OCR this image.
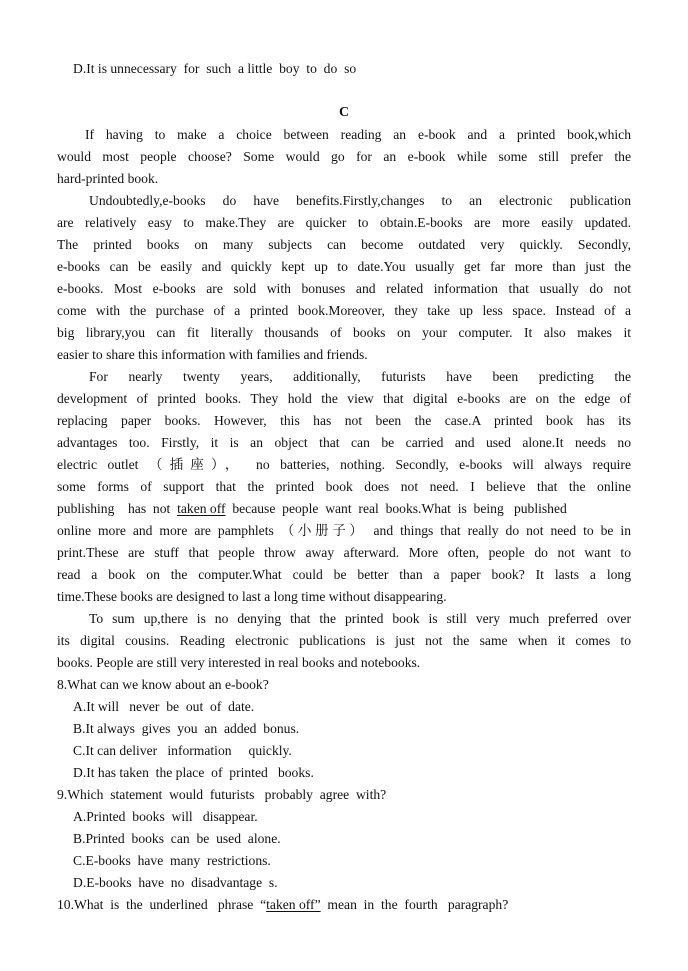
D.It is unnecessary  for  such  a little  boy  to  do  so
C
If having to make a choice between reading an e-book and a printed book,which
would most people choose? Some would go for an e-book while some still prefer the
hard-printed book.
Undoubtedly,e-books do have benefits.Firstly,changes to an electronic publication
are relatively easy to make.They are quicker to obtain.E-books are more easily updated.
The printed books on many subjects can become outdated very quickly. Secondly,
e-books can be easily and quickly kept up to date.You usually get far more than just the
e-books. Most e-books are sold with bonuses and related information that usually do not
come with the purchase of a printed book.Moreover, they take up less space. Instead of a
big library,you can fit literally thousands of books on your computer. It also makes it
easier to share this information with families and friends.
For nearly twenty years, additionally, futurists have been predicting the
development of printed books. They hold the view that digital e-books are on the edge of
replacing paper books. However, this has not been the case.A printed book has its
advantages too. Firstly, it is an object that can be carried and used alone.It needs no
electric outlet （插座）， no batteries, nothing. Secondly, e-books will always require
some forms of support that the printed book does not need. I believe that the online
publishing    has  not  taken off  because  people  want  real  books.What  is  being   published
online more and more are pamphlets （小册子） and things that really do not need to be in
print.These are stuff that people throw away afterward. More often, people do not want to
read a book on the computer.What could be better than a paper book? It lasts a long
time.These books are designed to last a long time without disappearing.
To sum up,there is no denying that the printed book is still very much preferred over
its digital cousins. Reading electronic publications is just not the same when it comes to
books. People are still very interested in real books and notebooks.
8.What can we know about an e-book?
A.It will   never  be  out  of  date.
B.It always  gives  you  an  added  bonus.
C.It can deliver   information     quickly.
D.It has taken  the place  of  printed   books.
9.Which  statement  would  futurists   probably  agree  with?
A.Printed  books  will   disappear.
B.Printed  books  can  be  used  alone.
C.E-books  have  many  restrictions.
D.E-books  have  no  disadvantage  s.
10.What  is  the  underlined   phrase  “taken off”  mean  in  the  fourth   paragraph?
